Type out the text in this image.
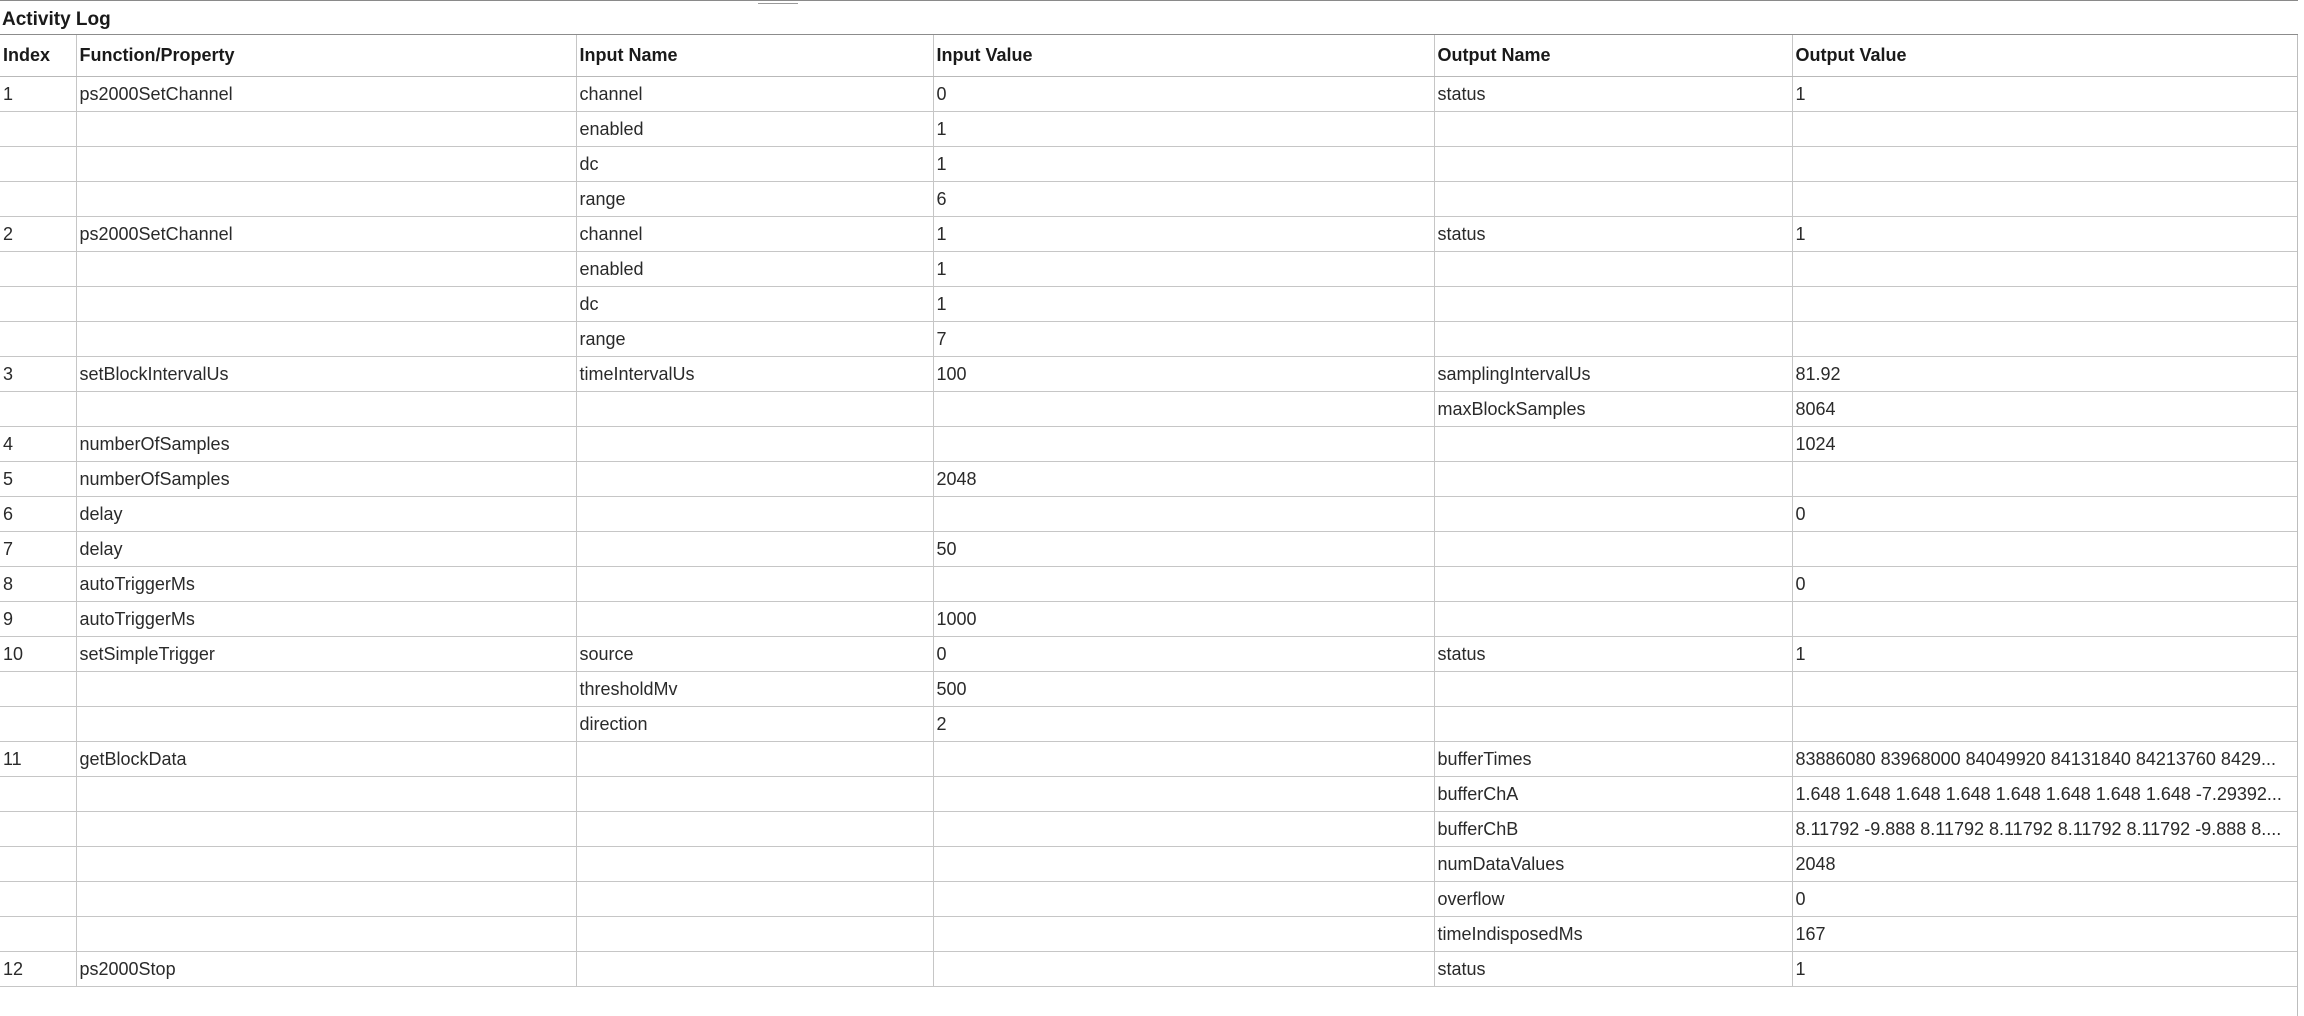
Activity Log
Index	Function/Property	Input Name	Input Value	Output Name	Output Value
1	ps2000SetChannel	channel	0	status	1
		enabled	1		
		dc	1		
		range	6		
2	ps2000SetChannel	channel	1	status	1
		enabled	1		
		dc	1		
		range	7		
3	setBlockIntervalUs	timeIntervalUs	100	samplingIntervalUs	81.92
				maxBlockSamples	8064
4	numberOfSamples				1024
5	numberOfSamples		2048		
6	delay				0
7	delay		50		
8	autoTriggerMs				0
9	autoTriggerMs		1000		
10	setSimpleTrigger	source	0	status	1
		thresholdMv	500		
		direction	2		
11	getBlockData			bufferTimes	83886080 83968000 84049920 84131840 84213760 8429...
				bufferChA	1.648 1.648 1.648 1.648 1.648 1.648 1.648 1.648 -7.29392...
				bufferChB	8.11792 -9.888 8.11792 8.11792 8.11792 8.11792 -9.888 8....
				numDataValues	2048
				overflow	0
				timeIndisposedMs	167
12	ps2000Stop			status	1
